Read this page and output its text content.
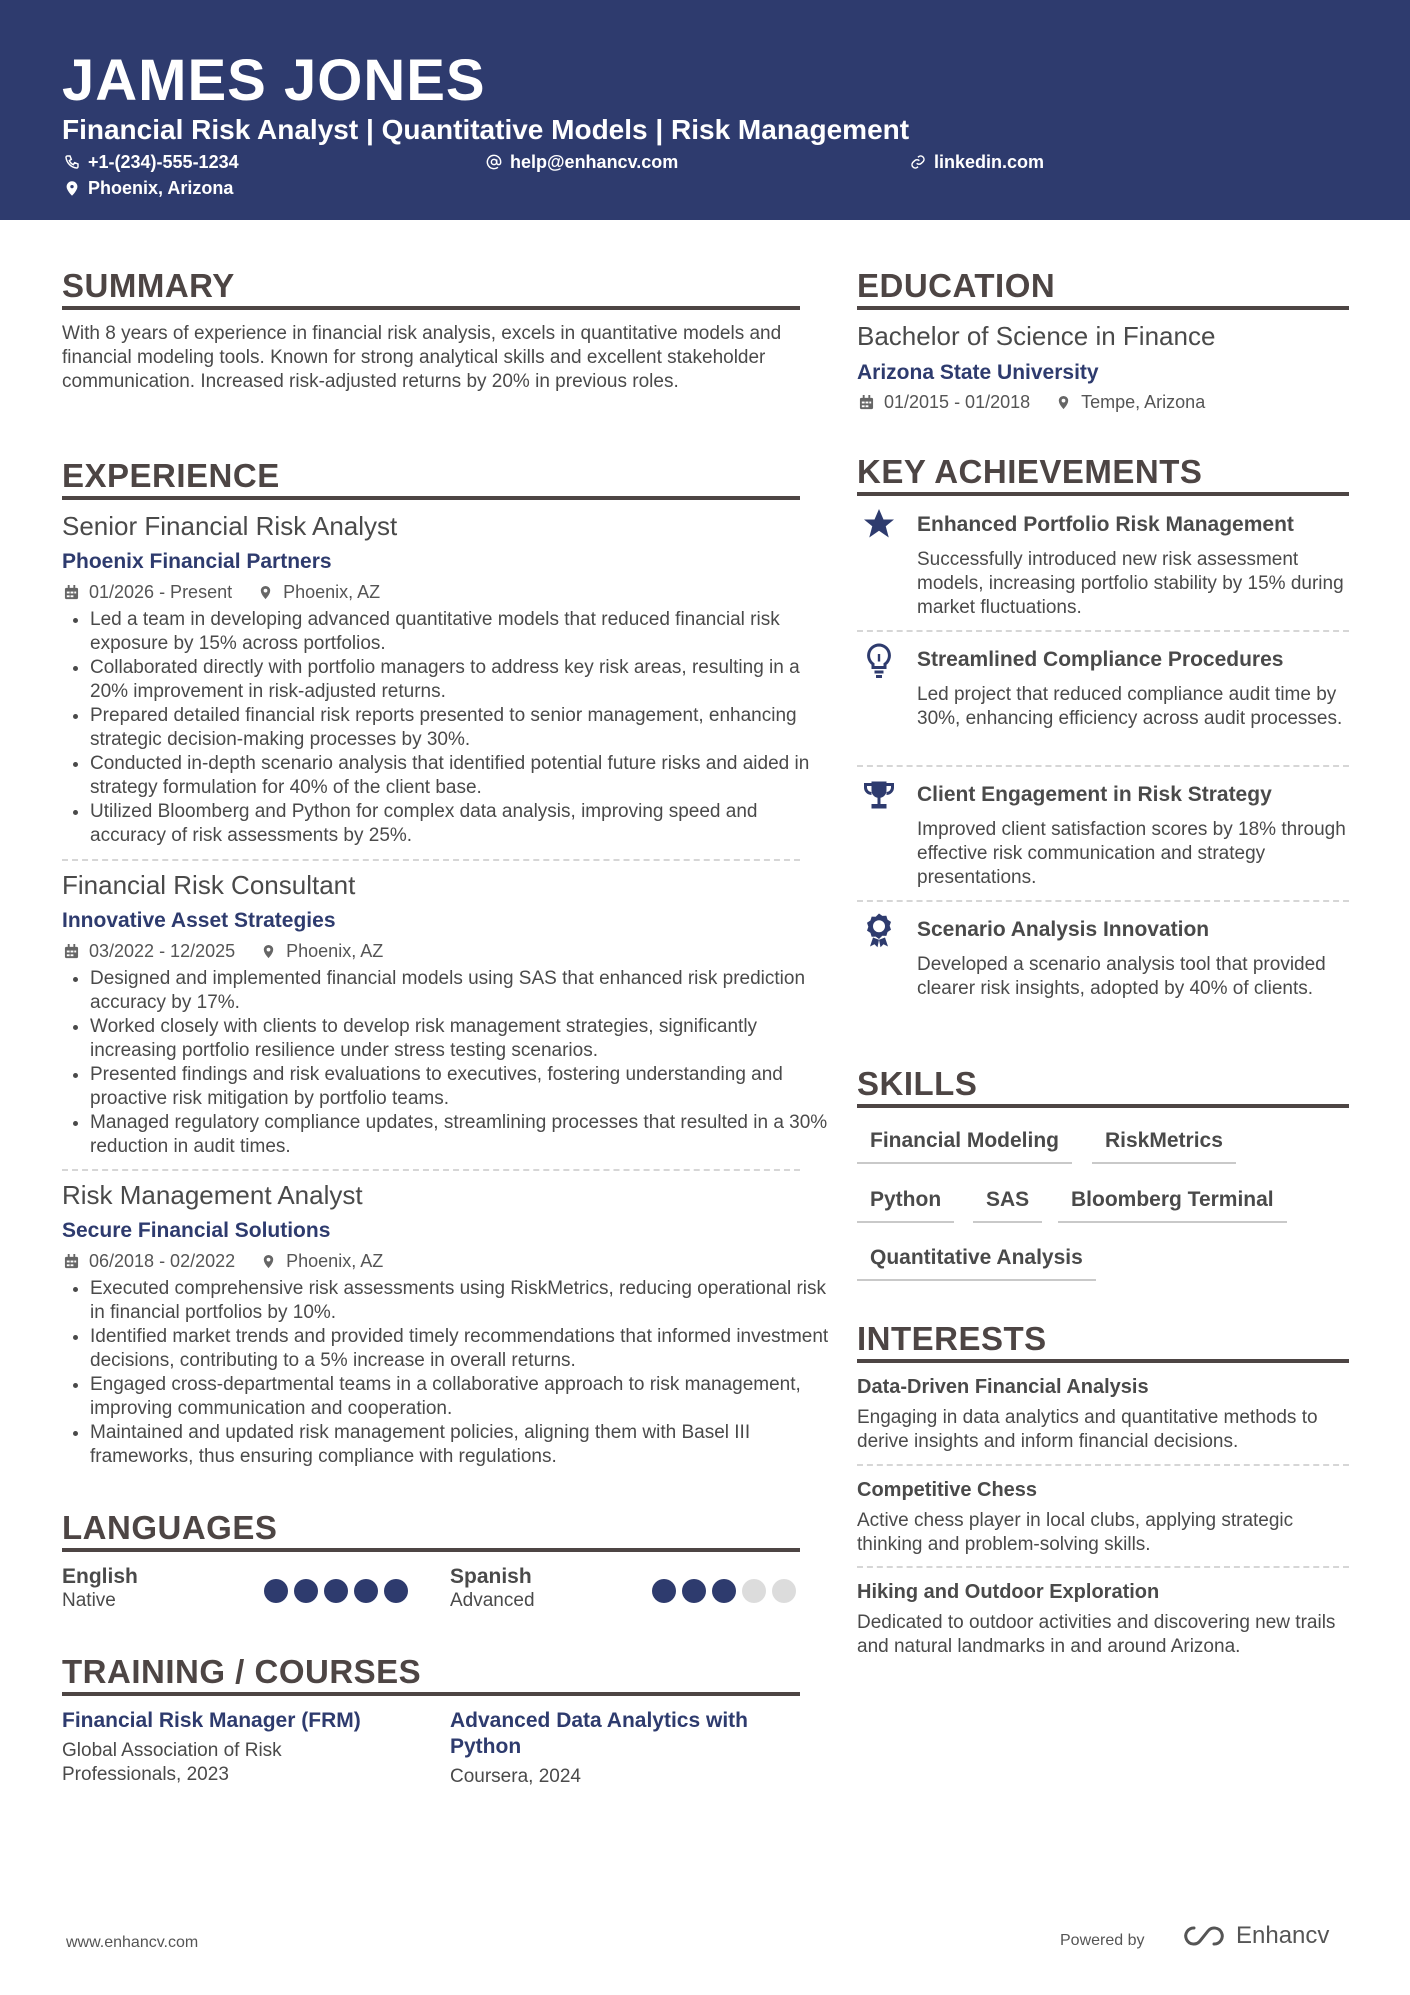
JAMES JONES
Financial Risk Analyst | Quantitative Models | Risk Management
+1-(234)-555-1234	help@enhancv.com	linkedin.com
Phoenix, Arizona
SUMMARY
With 8 years of experience in financial risk analysis, excels in quantitative models and financial modeling tools. Known for strong analytical skills and excellent stakeholder communication. Increased risk-adjusted returns by 20% in previous roles.
EXPERIENCE
Senior Financial Risk Analyst
Phoenix Financial Partners
01/2026 - Present	Phoenix, AZ
• Led a team in developing advanced quantitative models that reduced financial risk exposure by 15% across portfolios.
• Collaborated directly with portfolio managers to address key risk areas, resulting in a 20% improvement in risk-adjusted returns.
• Prepared detailed financial risk reports presented to senior management, enhancing strategic decision-making processes by 30%.
• Conducted in-depth scenario analysis that identified potential future risks and aided in strategy formulation for 40% of the client base.
• Utilized Bloomberg and Python for complex data analysis, improving speed and accuracy of risk assessments by 25%.
Financial Risk Consultant
Innovative Asset Strategies
03/2022 - 12/2025	Phoenix, AZ
• Designed and implemented financial models using SAS that enhanced risk prediction accuracy by 17%.
• Worked closely with clients to develop risk management strategies, significantly increasing portfolio resilience under stress testing scenarios.
• Presented findings and risk evaluations to executives, fostering understanding and proactive risk mitigation by portfolio teams.
• Managed regulatory compliance updates, streamlining processes that resulted in a 30% reduction in audit times.
Risk Management Analyst
Secure Financial Solutions
06/2018 - 02/2022	Phoenix, AZ
• Executed comprehensive risk assessments using RiskMetrics, reducing operational risk in financial portfolios by 10%.
• Identified market trends and provided timely recommendations that informed investment decisions, contributing to a 5% increase in overall returns.
• Engaged cross-departmental teams in a collaborative approach to risk management, improving communication and cooperation.
• Maintained and updated risk management policies, aligning them with Basel III frameworks, thus ensuring compliance with regulations.
LANGUAGES
English
Native
Spanish
Advanced
TRAINING / COURSES
Financial Risk Manager (FRM)
Global Association of Risk Professionals, 2023
Advanced Data Analytics with Python
Coursera, 2024
EDUCATION
Bachelor of Science in Finance
Arizona State University
01/2015 - 01/2018	Tempe, Arizona
KEY ACHIEVEMENTS
Enhanced Portfolio Risk Management
Successfully introduced new risk assessment models, increasing portfolio stability by 15% during market fluctuations.
Streamlined Compliance Procedures
Led project that reduced compliance audit time by 30%, enhancing efficiency across audit processes.
Client Engagement in Risk Strategy
Improved client satisfaction scores by 18% through effective risk communication and strategy presentations.
Scenario Analysis Innovation
Developed a scenario analysis tool that provided clearer risk insights, adopted by 40% of clients.
SKILLS
Financial Modeling	RiskMetrics
Python	SAS	Bloomberg Terminal
Quantitative Analysis
INTERESTS
Data-Driven Financial Analysis
Engaging in data analytics and quantitative methods to derive insights and inform financial decisions.
Competitive Chess
Active chess player in local clubs, applying strategic thinking and problem-solving skills.
Hiking and Outdoor Exploration
Dedicated to outdoor activities and discovering new trails and natural landmarks in and around Arizona.
www.enhancv.com	Powered by	Enhancv
